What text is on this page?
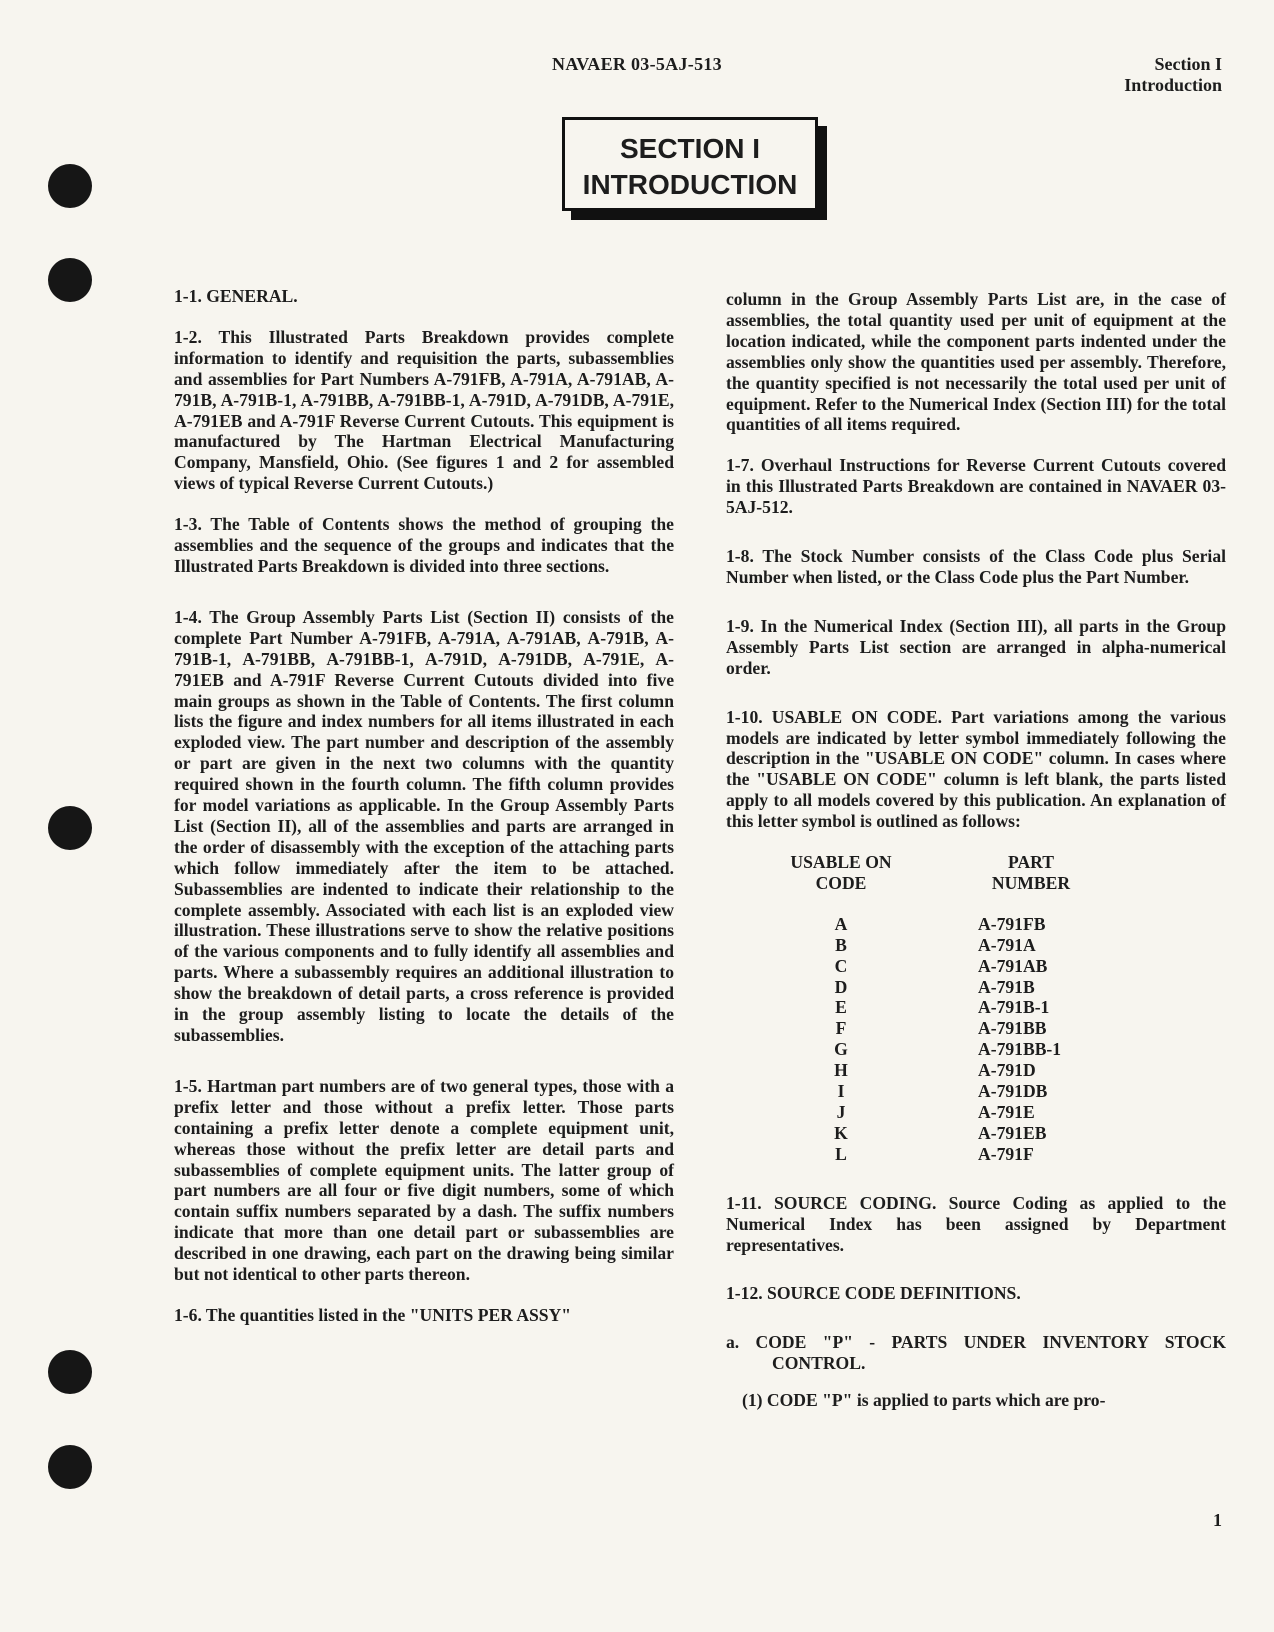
NAVAER 03-5AJ-513	Section I
Introduction
SECTION I
INTRODUCTION

1-1. GENERAL.

1-2. This Illustrated Parts Breakdown provides complete information to identify and requisition the parts, subassemblies and assemblies for Part Numbers A-791FB, A-791A, A-791AB, A-791B, A-791B-1, A-791BB, A-791BB-1, A-791D, A-791DB, A-791E, A-791EB and A-791F Reverse Current Cutouts. This equipment is manufactured by The Hartman Electrical Manufacturing Company, Mansfield, Ohio. (See figures 1 and 2 for assembled views of typical Reverse Current Cutouts.)

1-3. The Table of Contents shows the method of grouping the assemblies and the sequence of the groups and indicates that the Illustrated Parts Breakdown is divided into three sections.

1-4. The Group Assembly Parts List (Section II) consists of the complete Part Number A-791FB, A-791A, A-791AB, A-791B, A-791B-1, A-791BB, A-791BB-1, A-791D, A-791DB, A-791E, A-791EB and A-791F Reverse Current Cutouts divided into five main groups as shown in the Table of Contents. The first column lists the figure and index numbers for all items illustrated in each exploded view. The part number and description of the assembly or part are given in the next two columns with the quantity required shown in the fourth column. The fifth column provides for model variations as applicable. In the Group Assembly Parts List (Section II), all of the assemblies and parts are arranged in the order of disassembly with the exception of the attaching parts which follow immediately after the item to be attached. Subassemblies are indented to indicate their relationship to the complete assembly. Associated with each list is an exploded view illustration. These illustrations serve to show the relative positions of the various components and to fully identify all assemblies and parts. Where a subassembly requires an additional illustration to show the breakdown of detail parts, a cross reference is provided in the group assembly listing to locate the details of the subassemblies.

1-5. Hartman part numbers are of two general types, those with a prefix letter and those without a prefix letter. Those parts containing a prefix letter denote a complete equipment unit, whereas those without the prefix letter are detail parts and subassemblies of complete equipment units. The latter group of part numbers are all four or five digit numbers, some of which contain suffix numbers separated by a dash. The suffix numbers indicate that more than one detail part or subassemblies are described in one drawing, each part on the drawing being similar but not identical to other parts thereon.

1-6. The quantities listed in the "UNITS PER ASSY"

column in the Group Assembly Parts List are, in the case of assemblies, the total quantity used per unit of equipment at the location indicated, while the component parts indented under the assemblies only show the quantities used per assembly. Therefore, the quantity specified is not necessarily the total used per unit of equipment. Refer to the Numerical Index (Section III) for the total quantities of all items required.

1-7. Overhaul Instructions for Reverse Current Cutouts covered in this Illustrated Parts Breakdown are contained in NAVAER 03-5AJ-512.

1-8. The Stock Number consists of the Class Code plus Serial Number when listed, or the Class Code plus the Part Number.

1-9. In the Numerical Index (Section III), all parts in the Group Assembly Parts List section are arranged in alpha-numerical order.

1-10. USABLE ON CODE. Part variations among the various models are indicated by letter symbol immediately following the description in the "USABLE ON CODE" column. In cases where the "USABLE ON CODE" column is left blank, the parts listed apply to all models covered by this publication. An explanation of this letter symbol is outlined as follows:

USABLE ON	PART
CODE	NUMBER
A	A-791FB
B	A-791A
C	A-791AB
D	A-791B
E	A-791B-1
F	A-791BB
G	A-791BB-1
H	A-791D
I	A-791DB
J	A-791E
K	A-791EB
L	A-791F

1-11. SOURCE CODING. Source Coding as applied to the Numerical Index has been assigned by Department representatives.

1-12. SOURCE CODE DEFINITIONS.

a. CODE "P" - PARTS UNDER INVENTORY STOCK CONTROL.

(1) CODE "P" is applied to parts which are pro-

1
